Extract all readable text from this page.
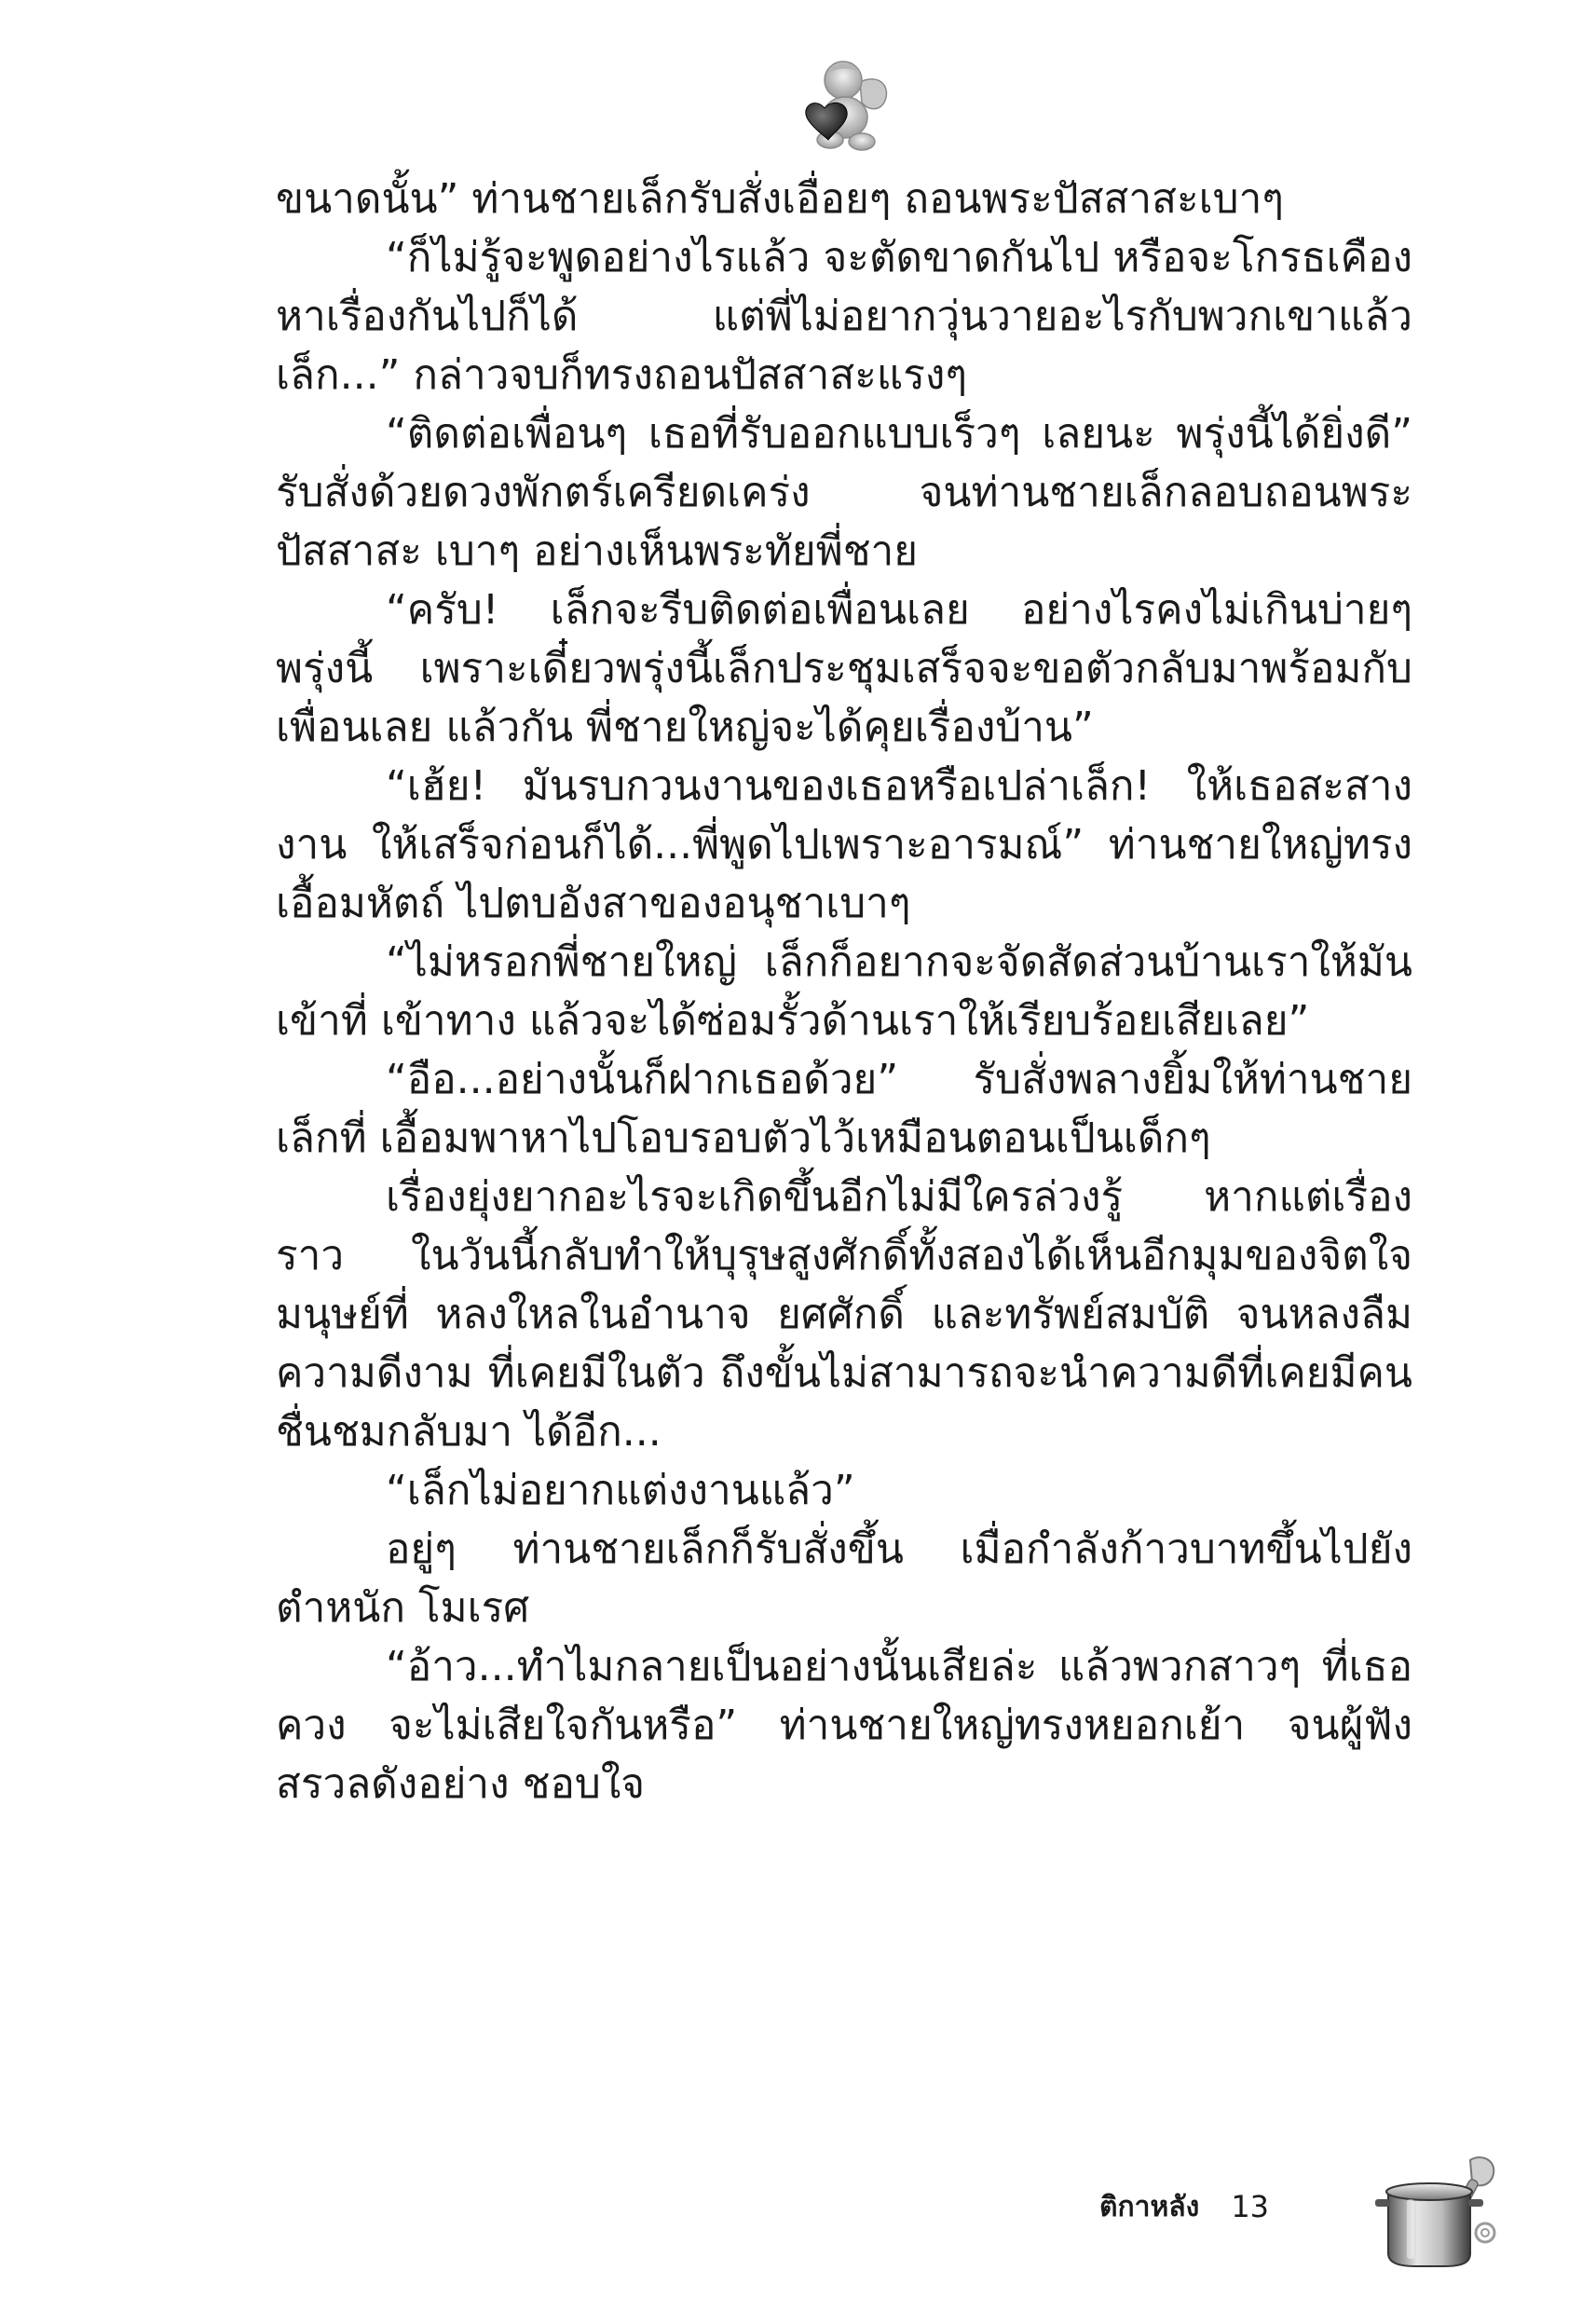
ขนาดนั้น” ท่านชายเล็กรับสั่งเอื่อยๆ ถอนพระปัสสาสะเบาๆ

“ก็ไม่รู้จะพูดอย่างไรแล้ว จะตัดขาดกันไป หรือจะโกรธเคือง หาเรื่องกันไปก็ได้ แต่พี่ไม่อยากวุ่นวายอะไรกับพวกเขาแล้ว เล็ก...” กล่าวจบก็ทรงถอนปัสสาสะแรงๆ

“ติดต่อเพื่อนๆ เธอที่รับออกแบบเร็วๆ เลยนะ พรุ่งนี้ได้ยิ่งดี” รับสั่งด้วยดวงพักตร์เครียดเคร่ง จนท่านชายเล็กลอบถอนพระปัสสาสะ เบาๆ อย่างเห็นพระทัยพี่ชาย

“ครับ! เล็กจะรีบติดต่อเพื่อนเลย อย่างไรคงไม่เกินบ่ายๆ พรุ่งนี้ เพราะเดี๋ยวพรุ่งนี้เล็กประชุมเสร็จจะขอตัวกลับมาพร้อมกับเพื่อนเลย แล้วกัน พี่ชายใหญ่จะได้คุยเรื่องบ้าน”

“เฮ้ย! มันรบกวนงานของเธอหรือเปล่าเล็ก! ให้เธอสะสางงาน ให้เสร็จก่อนก็ได้...พี่พูดไปเพราะอารมณ์” ท่านชายใหญ่ทรงเอื้อมหัตถ์ ไปตบอังสาของอนุชาเบาๆ

“ไม่หรอกพี่ชายใหญ่ เล็กก็อยากจะจัดสัดส่วนบ้านเราให้มันเข้าที่ เข้าทาง แล้วจะได้ซ่อมรั้วด้านเราให้เรียบร้อยเสียเลย”

“อือ...อย่างนั้นก็ฝากเธอด้วย” รับสั่งพลางยิ้มให้ท่านชายเล็กที่ เอื้อมพาหาไปโอบรอบตัวไว้เหมือนตอนเป็นเด็กๆ

เรื่องยุ่งยากอะไรจะเกิดขึ้นอีกไม่มีใครล่วงรู้ หากแต่เรื่องราว ในวันนี้กลับทำให้บุรุษสูงศักดิ์ทั้งสองได้เห็นอีกมุมของจิตใจมนุษย์ที่ หลงใหลในอำนาจ ยศศักดิ์ และทรัพย์สมบัติ จนหลงลืมความดีงาม ที่เคยมีในตัว ถึงขั้นไม่สามารถจะนำความดีที่เคยมีคนชื่นชมกลับมา ได้อีก...

“เล็กไม่อยากแต่งงานแล้ว”

อยู่ๆ ท่านชายเล็กก็รับสั่งขึ้น เมื่อกำลังก้าวบาทขึ้นไปยังตำหนัก โมเรศ

“อ้าว...ทำไมกลายเป็นอย่างนั้นเสียล่ะ แล้วพวกสาวๆ ที่เธอควง จะไม่เสียใจกันหรือ” ท่านชายใหญ่ทรงหยอกเย้า จนผู้ฟังสรวลดังอย่าง ชอบใจ

ติกาหลัง 13
